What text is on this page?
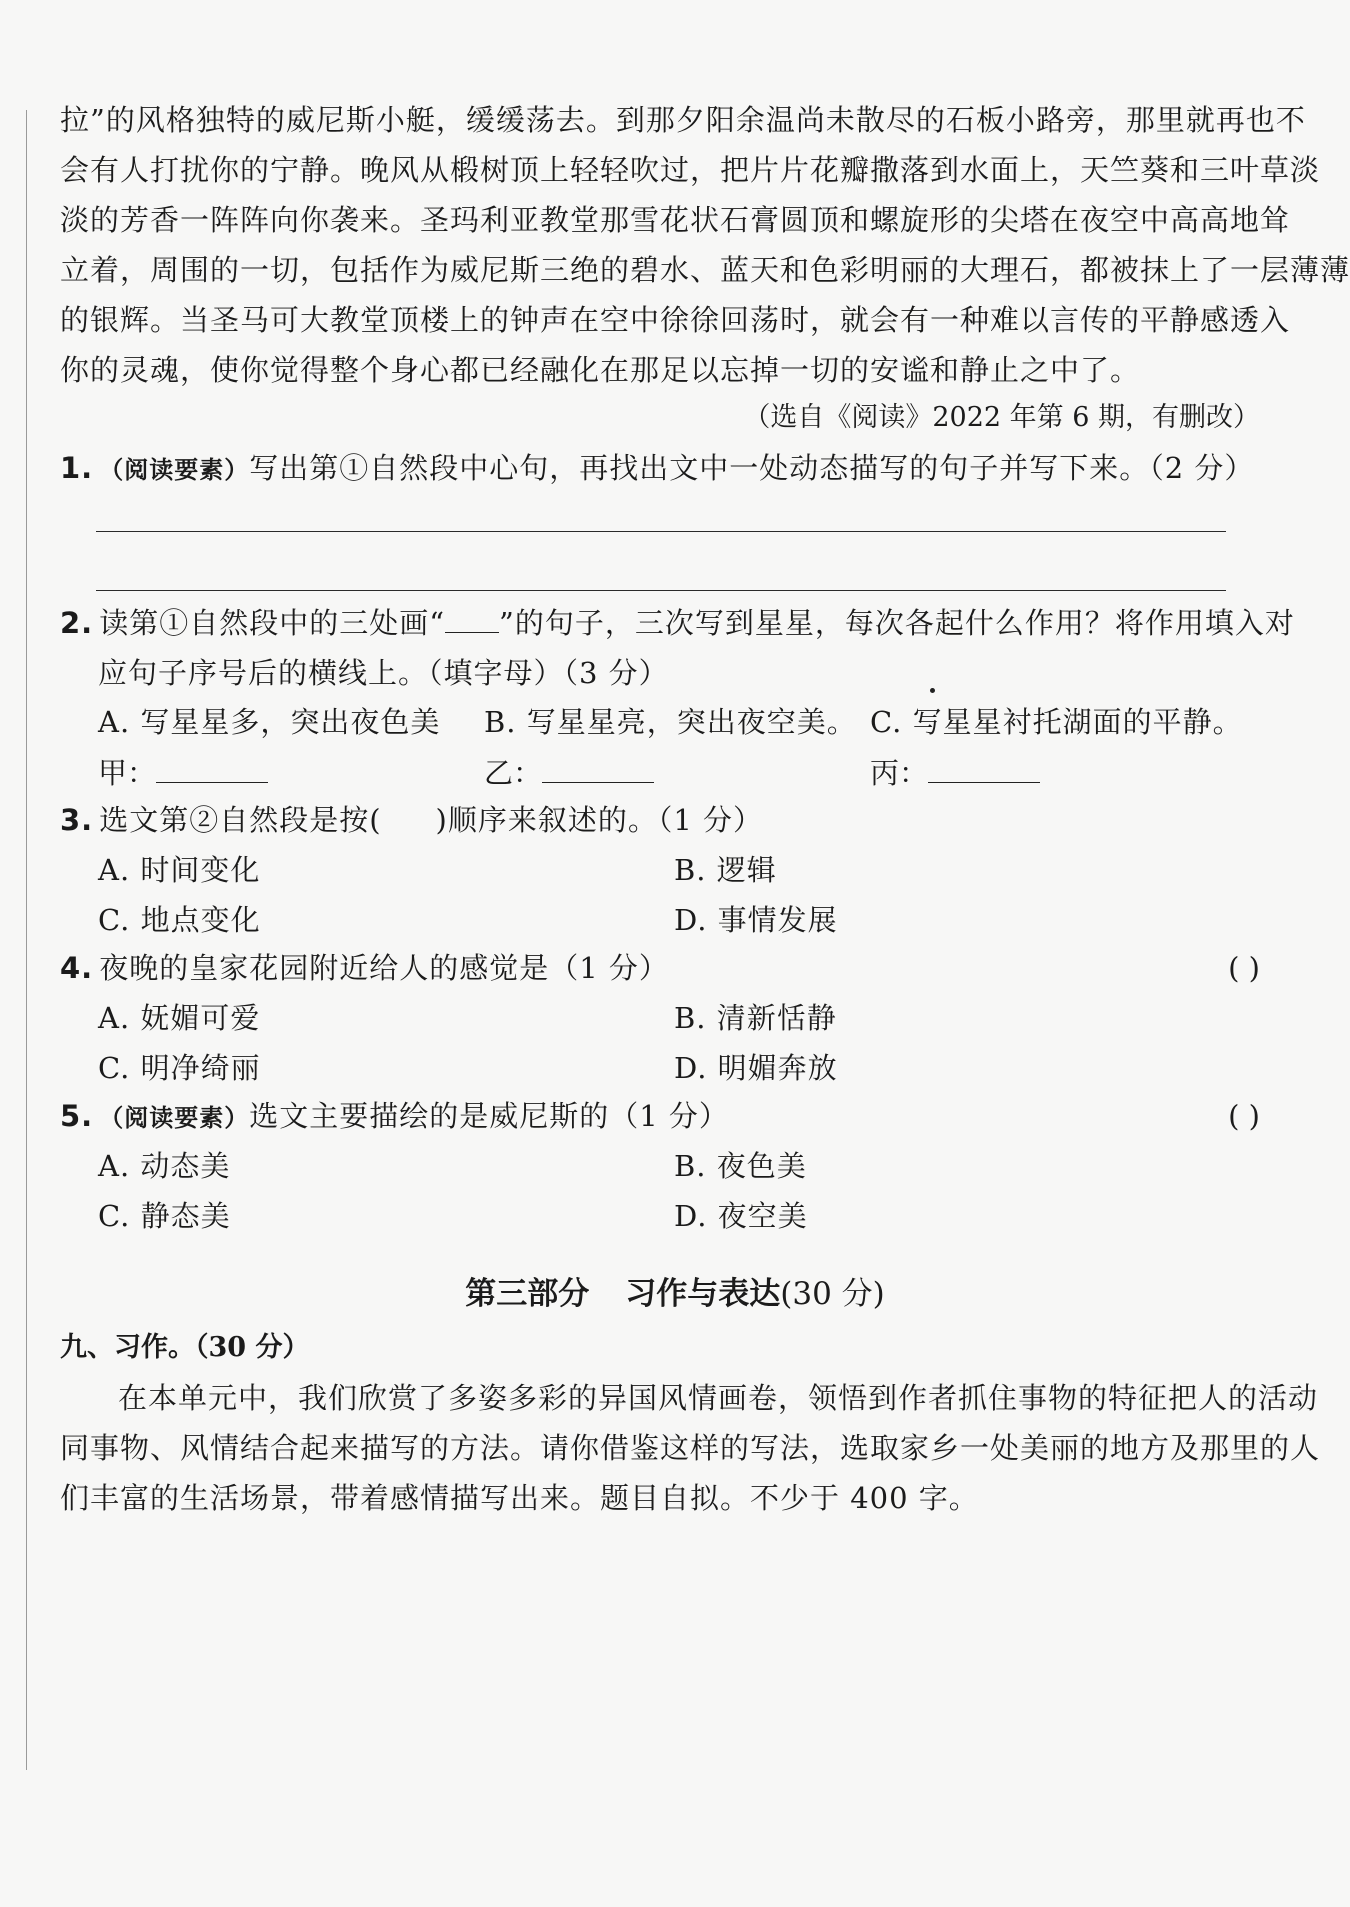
拉”的风格独特的威尼斯小艇，缓缓荡去。到那夕阳余温尚未散尽的石板小路旁，那里就再也不
会有人打扰你的宁静。晚风从椴树顶上轻轻吹过，把片片花瓣撒落到水面上，天竺葵和三叶草淡
淡的芳香一阵阵向你袭来。圣玛利亚教堂那雪花状石膏圆顶和螺旋形的尖塔在夜空中高高地耸
立着，周围的一切，包括作为威尼斯三绝的碧水、蓝天和色彩明丽的大理石，都被抹上了一层薄薄
的银辉。当圣马可大教堂顶楼上的钟声在空中徐徐回荡时，就会有一种难以言传的平静感透入
你的灵魂，使你觉得整个身心都已经融化在那足以忘掉一切的安谧和静止之中了。
（选自《阅读》2022 年第 6 期，有删改）
1. （阅读要素）写出第①自然段中心句，再找出文中一处动态描写的句子并写下来。（2 分）
2. 读第①自然段中的三处画“ ”的句子，三次写到星星，每次各起什么作用？将作用填入对
应句子序号后的横线上。（填字母）（3 分）
A. 写星星多，突出夜色美 B. 写星星亮，突出夜空美。 C. 写星星衬托湖面的平静。
甲：	乙：	丙：
3. 选文第②自然段是按( )顺序来叙述的。（1 分）
A. 时间变化	B. 逻辑
C. 地点变化	D. 事情发展
4. 夜晚的皇家花园附近给人的感觉是（1 分）	( )
A. 妩媚可爱	B. 清新恬静
C. 明净绮丽	D. 明媚奔放
5. （阅读要素）选文主要描绘的是威尼斯的（1 分）	( )
A. 动态美	B. 夜色美
C. 静态美	D. 夜空美
第三部分 习作与表达(30 分)
九、习作。（30 分）
在本单元中，我们欣赏了多姿多彩的异国风情画卷，领悟到作者抓住事物的特征把人的活动
同事物、风情结合起来描写的方法。请你借鉴这样的写法，选取家乡一处美丽的地方及那里的人
们丰富的生活场景，带着感情描写出来。题目自拟。不少于 400 字。
